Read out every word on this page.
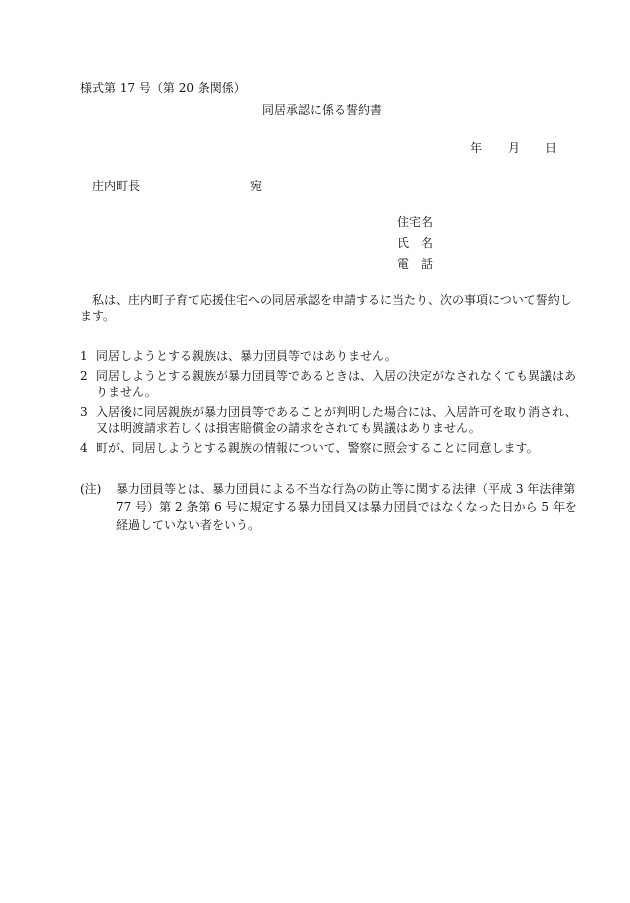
様式第 17 号（第 20 条関係）
同居承認に係る誓約書
年 月 日
庄内町長	宛
住宅名
氏　名
電　話
私は、庄内町子育て応援住宅への同居承認を申請するに当たり、次の事項について誓約します。
1 同居しようとする親族は、暴力団員等ではありません。
2 同居しようとする親族が暴力団員等であるときは、入居の決定がなされなくても異議はありません。
3 入居後に同居親族が暴力団員等であることが判明した場合には、入居許可を取り消され、又は明渡請求若しくは損害賠償金の請求をされても異議はありません。
4 町が、同居しようとする親族の情報について、警察に照会することに同意します。
(注)	暴力団員等とは、暴力団員による不当な行為の防止等に関する法律（平成 3 年法律第 77 号）第 2 条第 6 号に規定する暴力団員又は暴力団員ではなくなった日から 5 年を経過していない者をいう。
